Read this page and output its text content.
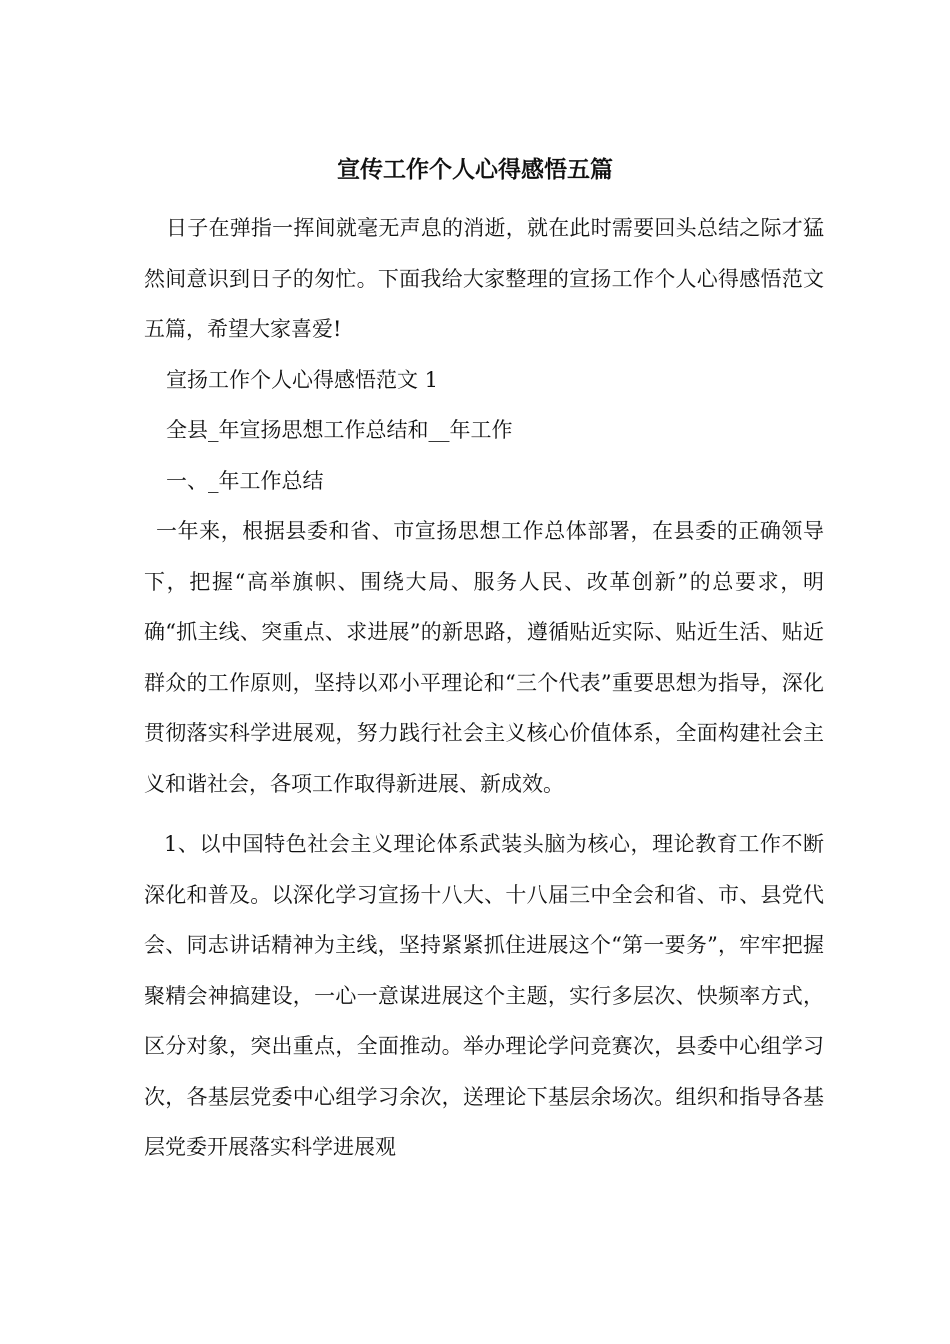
宣传工作个人心得感悟五篇

日子在弹指一挥间就毫无声息的消逝，就在此时需要回头总结之际才猛然间意识到日子的匆忙。下面我给大家整理的宣扬工作个人心得感悟范文五篇，希望大家喜爱!

宣扬工作个人心得感悟范文 1

全县_年宣扬思想工作总结和__年工作

一、_年工作总结

一年来，根据县委和省、市宣扬思想工作总体部署，在县委的正确领导下，把握“高举旗帜、围绕大局、服务人民、改革创新”的总要求，明确“抓主线、突重点、求进展”的新思路，遵循贴近实际、贴近生活、贴近群众的工作原则，坚持以邓小平理论和“三个代表”重要思想为指导，深化贯彻落实科学进展观，努力践行社会主义核心价值体系，全面构建社会主义和谐社会，各项工作取得新进展、新成效。

1、以中国特色社会主义理论体系武装头脑为核心，理论教育工作不断深化和普及。以深化学习宣扬十八大、十八届三中全会和省、市、县党代会、同志讲话精神为主线，坚持紧紧抓住进展这个“第一要务”，牢牢把握聚精会神搞建设，一心一意谋进展这个主题，实行多层次、快频率方式，区分对象，突出重点，全面推动。举办理论学问竞赛次，县委中心组学习次，各基层党委中心组学习余次，送理论下基层余场次。组织和指导各基层党委开展落实科学进展观
